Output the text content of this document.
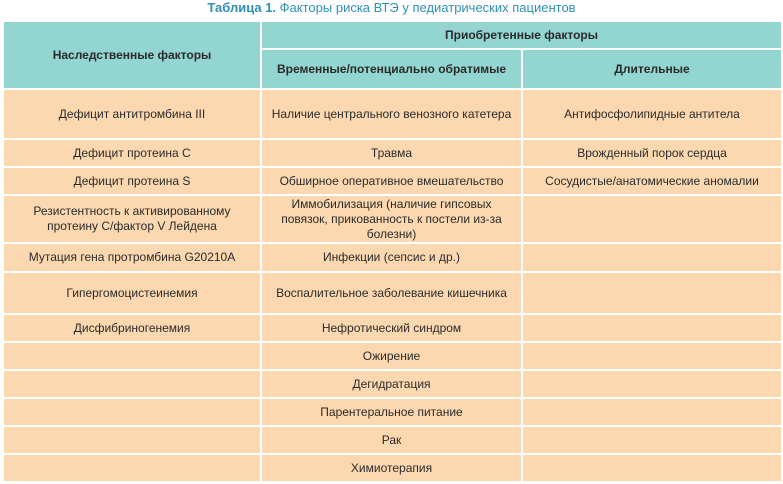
Таблица 1. Факторы риска ВТЭ у педиатрических пациентов
Наследственные факторы	Приобретенные факторы	
	Временные/потенциально обратимые	Длительные
Дефицит антитромбина III	Наличие центрального венозного катетера	Антифосфолипидные антитела
Дефицит протеина C	Травма	Врожденный порок сердца
Дефицит протеина S	Обширное оперативное вмешательство	Сосудистые/анатомические аномалии
Резистентность к активированному протеину C/фактор V Лейдена	Иммобилизация (наличие гипсовых повязок, прикованность к постели из-за болезни)	
Мутация гена протромбина G20210A	Инфекции (сепсис и др.)	
Гипергомоцистеинемия	Воспалительное заболевание кишечника	
Дисфибриногенемия	Нефротический синдром	
	Ожирение	
	Дегидратация	
	Парентеральное питание	
	Рак	
	Химиотерапия	
